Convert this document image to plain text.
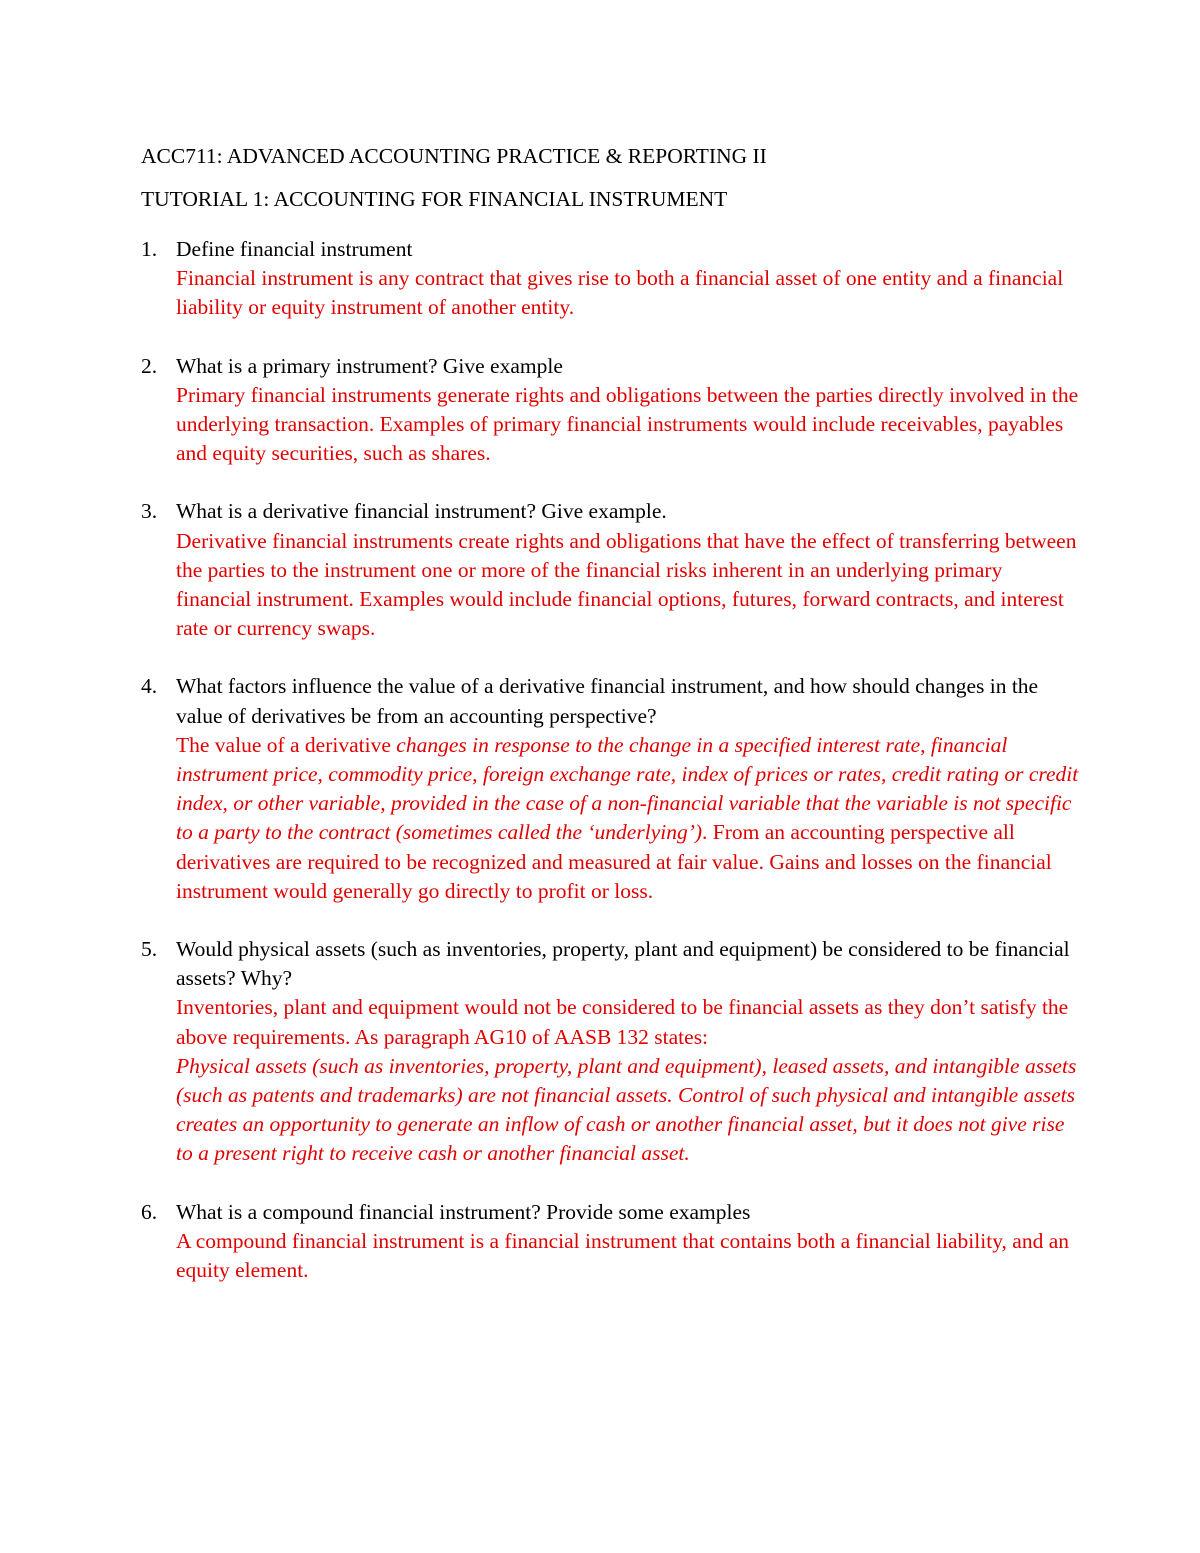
ACC711: ADVANCED ACCOUNTING PRACTICE & REPORTING II
TUTORIAL 1: ACCOUNTING FOR FINANCIAL INSTRUMENT
1. Define financial instrument
Financial instrument is any contract that gives rise to both a financial asset of one entity and a financial liability or equity instrument of another entity.
2. What is a primary instrument? Give example
Primary financial instruments generate rights and obligations between the parties directly involved in the underlying transaction. Examples of primary financial instruments would include receivables, payables and equity securities, such as shares.
3. What is a derivative financial instrument? Give example.
Derivative financial instruments create rights and obligations that have the effect of transferring between the parties to the instrument one or more of the financial risks inherent in an underlying primary financial instrument. Examples would include financial options, futures, forward contracts, and interest rate or currency swaps.
4. What factors influence the value of a derivative financial instrument, and how should changes in the value of derivatives be from an accounting perspective?
The value of a derivative changes in response to the change in a specified interest rate, financial instrument price, commodity price, foreign exchange rate, index of prices or rates, credit rating or credit index, or other variable, provided in the case of a non-financial variable that the variable is not specific to a party to the contract (sometimes called the ‘underlying’). From an accounting perspective all derivatives are required to be recognized and measured at fair value. Gains and losses on the financial instrument would generally go directly to profit or loss.
5. Would physical assets (such as inventories, property, plant and equipment) be considered to be financial assets? Why?
Inventories, plant and equipment would not be considered to be financial assets as they don’t satisfy the above requirements. As paragraph AG10 of AASB 132 states:
Physical assets (such as inventories, property, plant and equipment), leased assets, and intangible assets (such as patents and trademarks) are not financial assets. Control of such physical and intangible assets creates an opportunity to generate an inflow of cash or another financial asset, but it does not give rise to a present right to receive cash or another financial asset.
6. What is a compound financial instrument? Provide some examples
A compound financial instrument is a financial instrument that contains both a financial liability, and an equity element.
